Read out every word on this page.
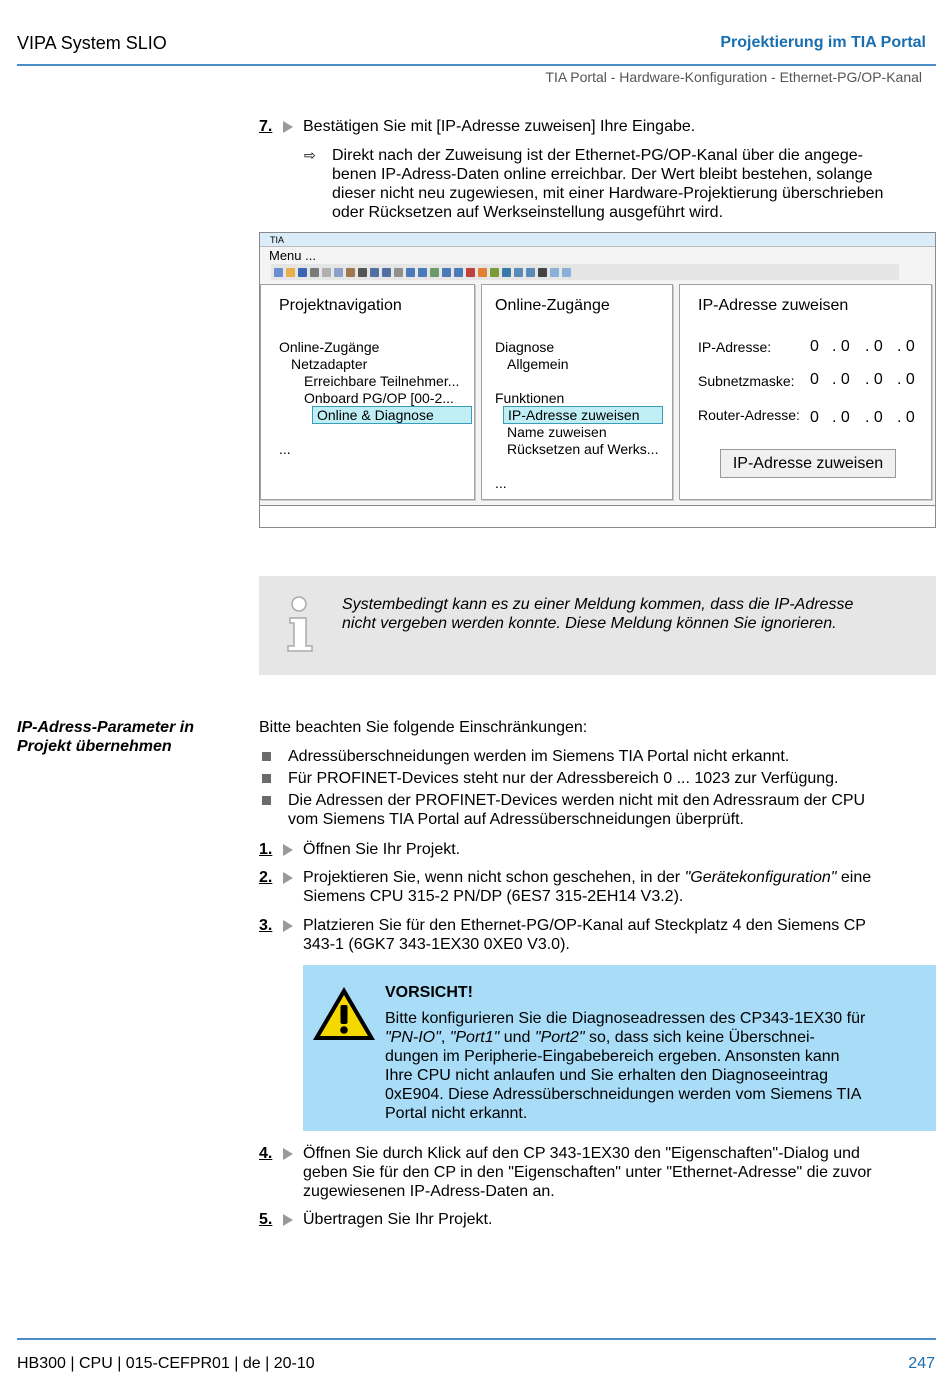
VIPA System SLIO	Projektierung im TIA Portal
TIA Portal - Hardware-Konfiguration - Ethernet-PG/OP-Kanal
7. Bestätigen Sie mit [IP-Adresse zuweisen] Ihre Eingabe.
⇨ Direkt nach der Zuweisung ist der Ethernet-PG/OP-Kanal über die angege-
benen IP-Adress-Daten online erreichbar. Der Wert bleibt bestehen, solange
dieser nicht neu zugewiesen, mit einer Hardware-Projektierung überschrieben
oder Rücksetzen auf Werkseinstellung ausgeführt wird.
TIA
Menu ...
Projektnavigation
Online-Zugänge
Netzadapter
Erreichbare Teilnehmer...
Onboard PG/OP [00-2...
Online & Diagnose
...
Online-Zugänge
Diagnose
Allgemein
Funktionen
IP-Adresse zuweisen
Name zuweisen
Rücksetzen auf Werks...
...
IP-Adresse zuweisen
IP-Adresse: 0 . 0 . 0 . 0
Subnetzmaske: 0 . 0 . 0 . 0
Router-Adresse: 0 . 0 . 0 . 0
IP-Adresse zuweisen
Systembedingt kann es zu einer Meldung kommen, dass die IP-Adresse
nicht vergeben werden konnte. Diese Meldung können Sie ignorieren.
IP-Adress-Parameter in
Projekt übernehmen
Bitte beachten Sie folgende Einschränkungen:
Adressüberschneidungen werden im Siemens TIA Portal nicht erkannt.
Für PROFINET-Devices steht nur der Adressbereich 0 ... 1023 zur Verfügung.
Die Adressen der PROFINET-Devices werden nicht mit den Adressraum der CPU
vom Siemens TIA Portal auf Adressüberschneidungen überprüft.
1. Öffnen Sie Ihr Projekt.
2. Projektieren Sie, wenn nicht schon geschehen, in der "Gerätekonfiguration" eine
Siemens CPU 315-2 PN/DP (6ES7 315-2EH14 V3.2).
3. Platzieren Sie für den Ethernet-PG/OP-Kanal auf Steckplatz 4 den Siemens CP
343-1 (6GK7 343-1EX30 0XE0 V3.0).
VORSICHT!
Bitte konfigurieren Sie die Diagnoseadressen des CP343-1EX30 für
"PN-IO", "Port1" und "Port2" so, dass sich keine Überschnei-
dungen im Peripherie-Eingabebereich ergeben. Ansonsten kann
Ihre CPU nicht anlaufen und Sie erhalten den Diagnoseeintrag
0xE904. Diese Adressüberschneidungen werden vom Siemens TIA
Portal nicht erkannt.
4. Öffnen Sie durch Klick auf den CP 343-1EX30 den "Eigenschaften"-Dialog und
geben Sie für den CP in den "Eigenschaften" unter "Ethernet-Adresse" die zuvor
zugewiesenen IP-Adress-Daten an.
5. Übertragen Sie Ihr Projekt.
HB300 | CPU | 015-CEFPR01 | de | 20-10	247
